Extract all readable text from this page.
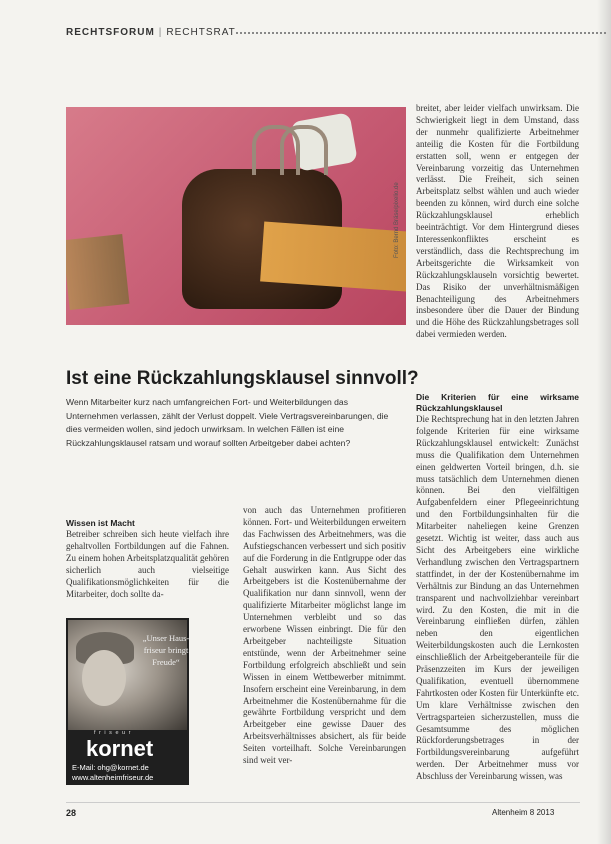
RECHTSFORUM | RECHTSRAT
Foto: Bernd Bräse/pixelio.de
Ist eine Rückzahlungsklausel sinnvoll?

Wenn Mitarbeiter kurz nach umfangreichen Fort- und Weiterbildungen das Unternehmen verlassen, zählt der Verlust doppelt. Viele Vertragsvereinbarungen, die dies vermeiden wollen, sind jedoch unwirksam. In welchen Fällen ist eine Rückzahlungsklausel ratsam und worauf sollten Arbeitgeber dabei achten?

Wissen ist Macht

Betreiber schreiben sich heute vielfach ihre gehaltvollen Fortbildungen auf die Fahnen. Zu einem hohen Arbeitsplatzqualität gehören sicherlich auch vielseitige Qualifikationsmöglichkeiten für die Mitarbeiter, doch sollte da-

von auch das Unternehmen profitieren können. Fort- und Weiterbildungen erweitern das Fachwissen des Arbeitnehmers, was die Aufstiegschancen verbessert und sich positiv auf die Forderung in die Entlgruppe oder das Gehalt auswirken kann. Aus Sicht des Arbeitgebers ist die Kostenübernahme der Qualifikation nur dann sinnvoll, wenn der qualifizierte Mitarbeiter möglichst lange im Unternehmen verbleibt und so das erworbene Wissen einbringt. Die für den Arbeitgeber nachteiligste Situation entstünde, wenn der Arbeitnehmer seine Fortbildung erfolgreich abschließt und sein Wissen in einem Wettbewerber mitnimmt. Insofern erscheint eine Vereinbarung, in dem Arbeitnehmer die Kostenübernahme für die gewährte Fortbildung verspricht und dem Arbeitgeber eine gewisse Dauer des Arbeitsverhältnisses absichert, als für beide Seiten vorteilhaft. Solche Vereinbarungen sind weit ver-

breitet, aber leider vielfach unwirksam. Die Schwierigkeit liegt in dem Umstand, dass der nunmehr qualifizierte Arbeitnehmer anteilig die Kosten für die Fortbildung erstatten soll, wenn er entgegen der Vereinbarung vorzeitig das Unternehmen verlässt. Die Freiheit, sich seinen Arbeitsplatz selbst wählen und auch wieder beenden zu können, wird durch eine solche Rückzahlungsklausel erheblich beeinträchtigt. Vor dem Hintergrund dieses Interessenkonfliktes erscheint es verständlich, dass die Rechtsprechung im Arbeitsgerichte die Wirksamkeit von Rückzahlungsklauseln vorsichtig bewertet. Das Risiko der unverhältnismäßigen Benachteiligung des Arbeitnehmers insbesondere über die Dauer der Bindung und die Höhe des Rückzahlungsbetrages soll dabei vermieden werden.

Die Kriterien für eine wirksame Rückzahlungsklausel

Die Rechtsprechung hat in den letzten Jahren folgende Kriterien für eine wirksame Rückzahlungsklausel entwickelt: Zunächst muss die Qualifikation dem Unternehmen einen geldwerten Vorteil bringen, d.h. sie muss tatsächlich dem Unternehmen dienen können. Bei den vielfältigen Aufgabenfeldern einer Pflegeeinrichtung und den Fortbildungsinhalten für die Mitarbeiter naheliegen keine Grenzen gesetzt. Wichtig ist weiter, dass auch aus Sicht des Arbeitgebers eine wirkliche Verhandlung zwischen den Vertragspartnern stattfindet, in der der Kostenübernahme im Verhältnis zur Bindung an das Unternehmen transparent und nachvollziehbar vereinbart wird. Zu den Kosten, die mit in die Vereinbarung einfließen dürfen, zählen neben den eigentlichen Weiterbildungskosten auch die Lernkosten einschließlich der Arbeitgeberanteile für die Präsenzzeiten im Kurs der jeweiligen Qualifikation, eventuell übernommene Fahrtkosten oder Kosten für Unterkünfte etc. Um klare Verhältnisse zwischen den Vertragsparteien sicherzustellen, muss die Gesamtsumme des möglichen Rückforderungsbetrages in der Fortbildungsvereinbarung aufgeführt werden. Der Arbeitnehmer muss vor Abschluss der Vereinbarung wissen, was

„Unser Haus-friseur bringt Freude“
f r i s e u r
kornet
E-Mail: ohg@kornet.de
www.altenheimfriseur.de
28	Altenheim 8 2013
